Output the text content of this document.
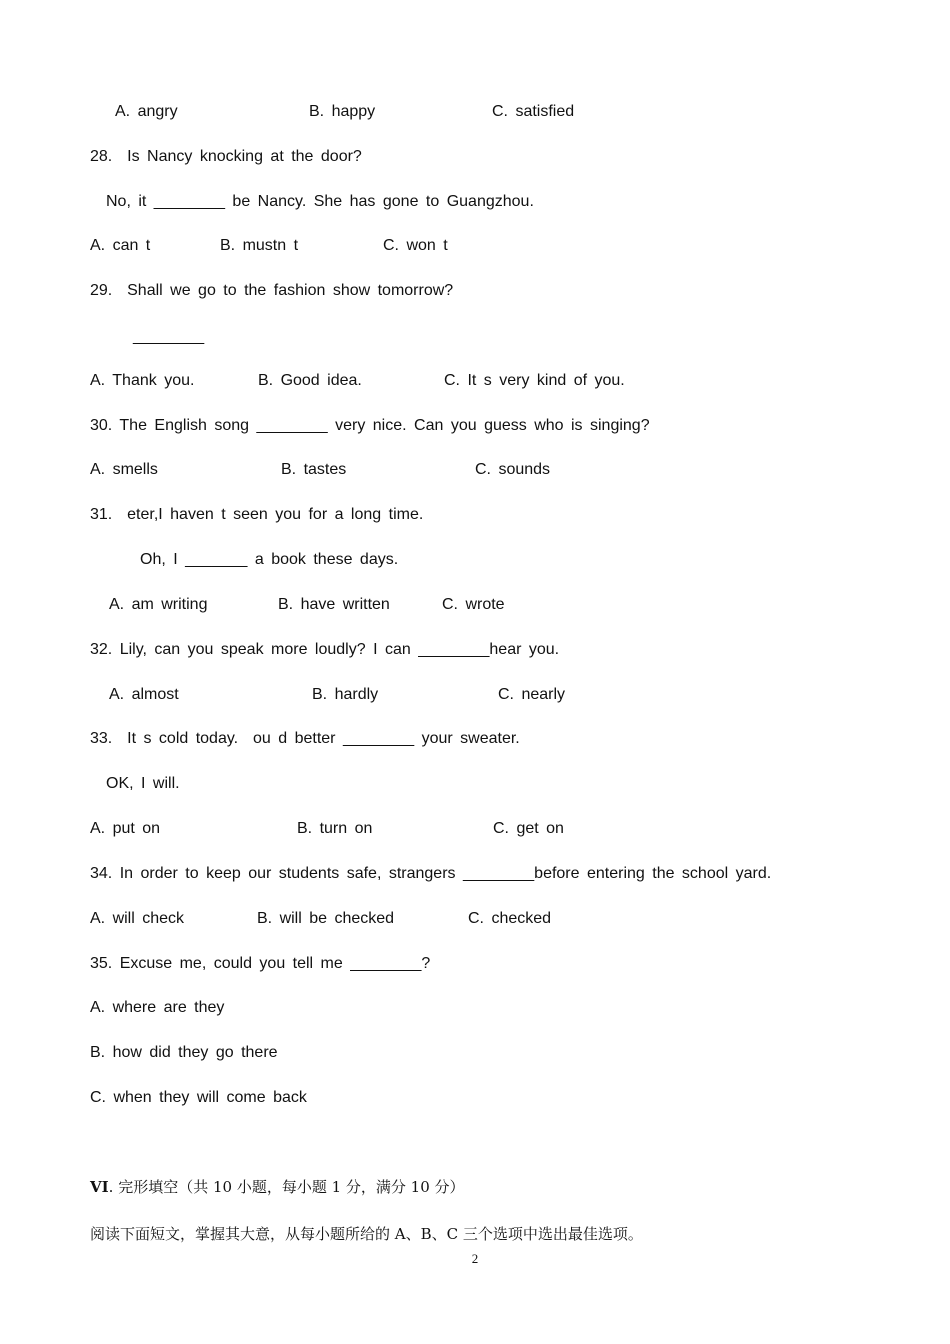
A. angry	B. happy	C. satisfied
28.  Is Nancy knocking at the door?
No, it ________ be Nancy. She has gone to Guangzhou.
A. can t	B. mustn t	C. won t
29.  Shall we go to the fashion show tomorrow?
________
A. Thank you.	B. Good idea.	C. It s very kind of you.
30. The English song ________ very nice. Can you guess who is singing?
A. smells	B. tastes	C. sounds
31.  eter,I haven t seen you for a long time.
Oh, I _______ a book these days.
A. am writing	B. have written	C. wrote
32. Lily, can you speak more loudly? I can ________hear you.
A. almost	B. hardly	C. nearly
33.  It s cold today.  ou d better ________ your sweater.
OK, I will.
A. put on	B. turn on	C. get on
34. In order to keep our students safe, strangers ________before entering the school yard.
A. will check	B. will be checked	C. checked
35. Excuse me, could you tell me ________?
A. where are they
B. how did they go there
C. when they will come back
VI. 完形填空（共 10 小题，每小题 1 分，满分 10 分）
阅读下面短文，掌握其大意，从每小题所给的 A、B、C 三个选项中选出最佳选项。
2
